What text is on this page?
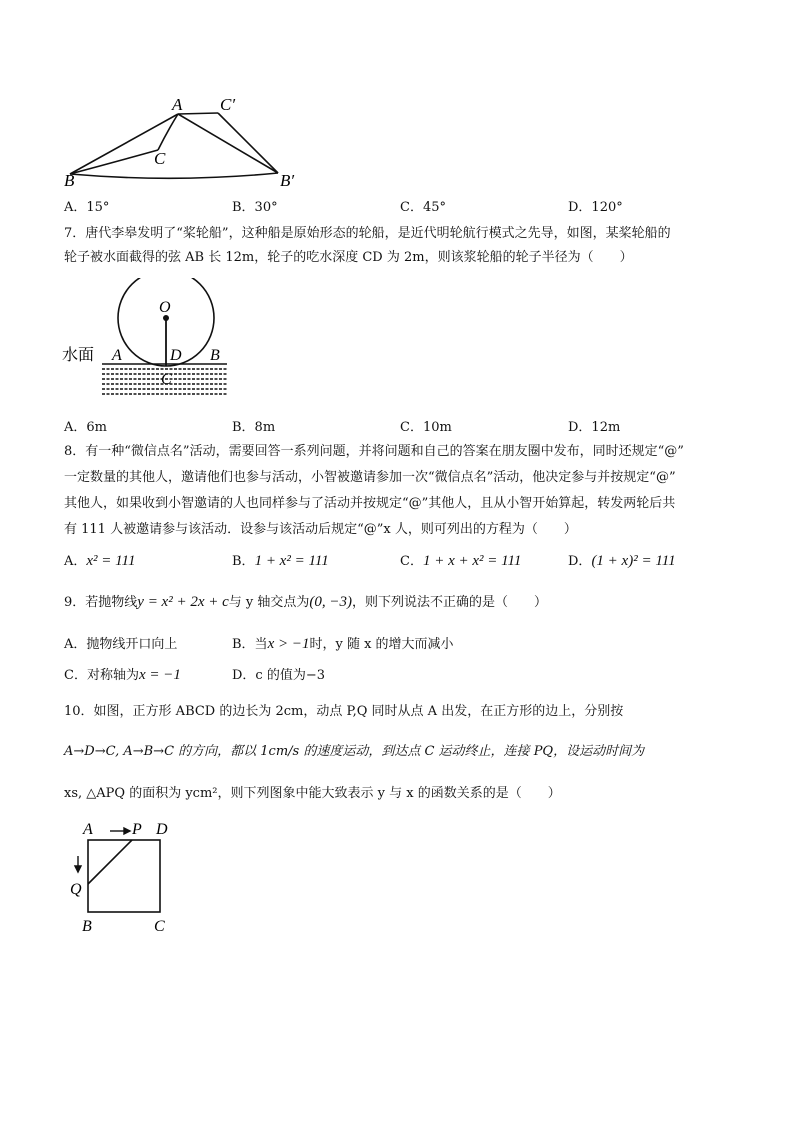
A C′
C
B	B′
A．15°	B．30°	C．45°	D．120°
7．唐代李皋发明了“桨轮船”，这种船是原始形态的轮船，是近代明轮航行模式之先导，如图，某桨轮船的
轮子被水面截得的弦 AB 长 12m，轮子的吃水深度 CD 为 2m，则该浆轮船的轮子半径为（　　）
O
水面 A	D B
C
A．6m	B．8m	C．10m	D．12m
8．有一种“微信点名”活动，需要回答一系列问题，并将问题和自己的答案在朋友圈中发布，同时还规定“@”
一定数量的其他人，邀请他们也参与活动，小智被邀请参加一次“微信点名”活动，他决定参与并按规定“@”
其他人，如果收到小智邀请的人也同样参与了活动并按规定“@”其他人，且从小智开始算起，转发两轮后共
有 111 人被邀请参与该活动．设参与该活动后规定“@”x 人，则可列出的方程为（　　）
A．x² = 111	B．1 + x² = 111	C．1 + x + x² = 111	D．(1 + x)² = 111
9．若抛物线y = x² + 2x + c与 y 轴交点为(0, −3)，则下列说法不正确的是（　　）
A．抛物线开口向上	B．当x > −1时，y 随 x 的增大而减小
C．对称轴为x = −1	D．c 的值为−3
10．如图，正方形 ABCD 的边长为 2cm，动点 P,Q 同时从点 A 出发，在正方形的边上，分别按
A→D→C, A→B→C 的方向，都以 1cm/s 的速度运动，到达点 C 运动终止，连接 PQ，设运动时间为
xs, △APQ 的面积为 ycm²，则下列图象中能大致表示 y 与 x 的函数关系的是（　　）
A P D
Q
B	C
